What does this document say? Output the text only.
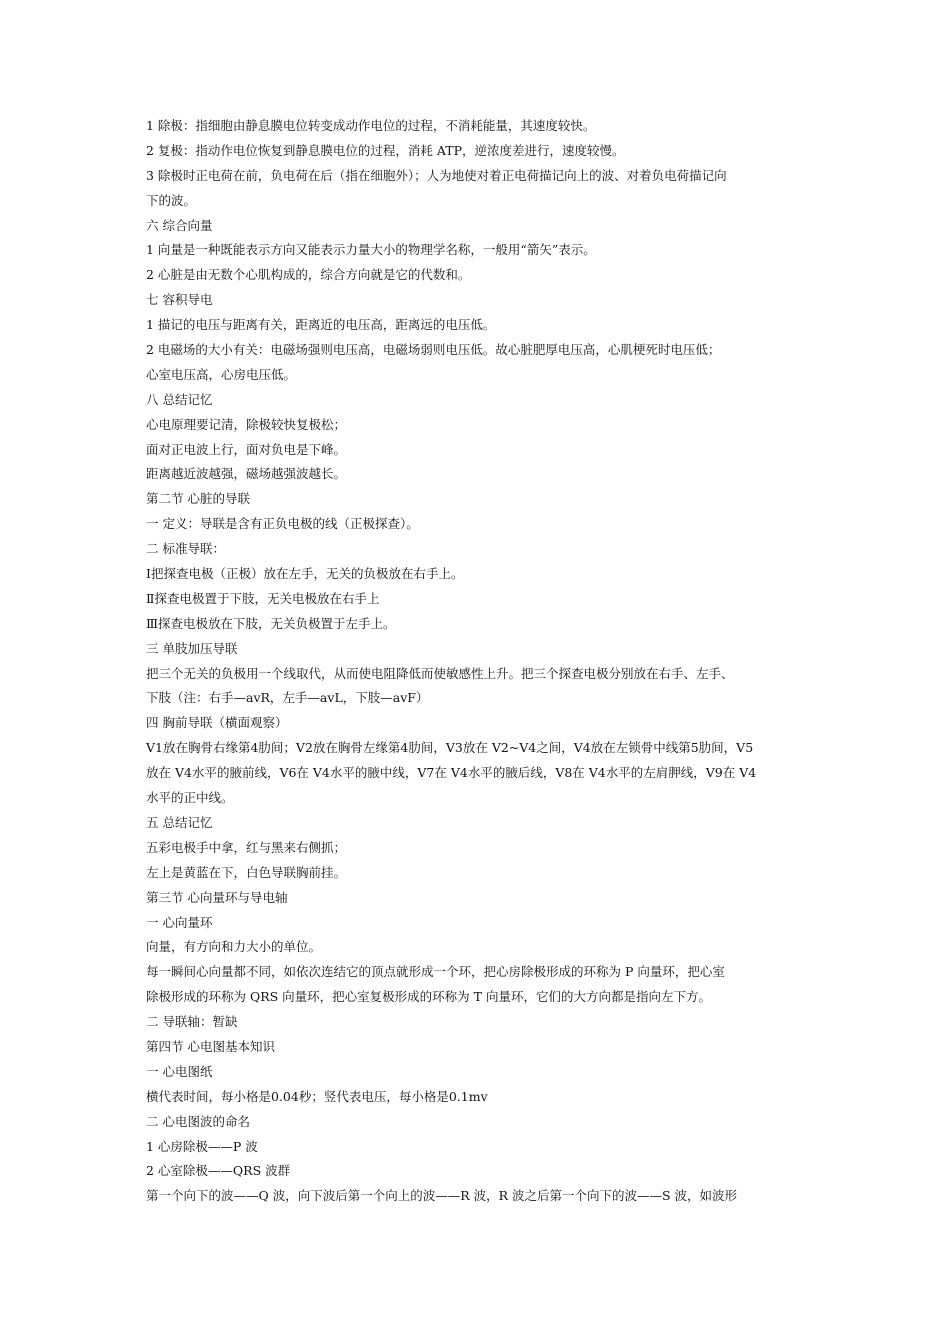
1 除极：指细胞由静息膜电位转变成动作电位的过程，不消耗能量，其速度较快。
2 复极：指动作电位恢复到静息膜电位的过程，消耗 ATP，逆浓度差进行，速度较慢。
3 除极时正电荷在前，负电荷在后（指在细胞外）；人为地使对着正电荷描记向上的波、对着负电荷描记向
下的波。
六 综合向量
1 向量是一种既能表示方向又能表示力量大小的物理学名称，一般用“箭矢”表示。
2 心脏是由无数个心肌构成的，综合方向就是它的代数和。
七 容积导电
1 描记的电压与距离有关，距离近的电压高，距离远的电压低。
2 电磁场的大小有关：电磁场强则电压高，电磁场弱则电压低。故心脏肥厚电压高，心肌梗死时电压低；
心室电压高，心房电压低。
八 总结记忆
心电原理要记清，除极较快复极松；
面对正电波上行，面对负电是下峰。
距离越近波越强，磁场越强波越长。
第二节 心脏的导联
一 定义：导联是含有正负电极的线（正极探查）。
二 标准导联：
Ⅰ把探查电极（正极）放在左手，无关的负极放在右手上。
Ⅱ探查电极置于下肢，无关电极放在右手上
Ⅲ探查电极放在下肢，无关负极置于左手上。
三 单肢加压导联
把三个无关的负极用一个线取代，从而使电阻降低而使敏感性上升。把三个探查电极分别放在右手、左手、
下肢（注：右手—avR，左手—avL，下肢—avF）
四 胸前导联（横面观察）
V1放在胸骨右缘第4肋间；V2放在胸骨左缘第4肋间，V3放在 V2~V4之间，V4放在左锁骨中线第5肋间，V5
放在 V4水平的腋前线，V6在 V4水平的腋中线，V7在 V4水平的腋后线，V8在 V4水平的左肩胛线，V9在 V4
水平的正中线。
五 总结记忆
五彩电极手中拿，红与黑来右侧抓；
左上是黄蓝在下，白色导联胸前挂。
第三节 心向量环与导电轴
一 心向量环
向量，有方向和力大小的单位。
每一瞬间心向量都不同，如依次连结它的顶点就形成一个环，把心房除极形成的环称为 P 向量环，把心室
除极形成的环称为 QRS 向量环，把心室复极形成的环称为 T 向量环，它们的大方向都是指向左下方。
二 导联轴：暂缺
第四节 心电图基本知识
一 心电图纸
横代表时间，每小格是0.04秒；竖代表电压，每小格是0.1mv
二 心电图波的命名
1 心房除极——P 波
2 心室除极——QRS 波群
第一个向下的波——Q 波，向下波后第一个向上的波——R 波，R 波之后第一个向下的波——S 波，如波形
